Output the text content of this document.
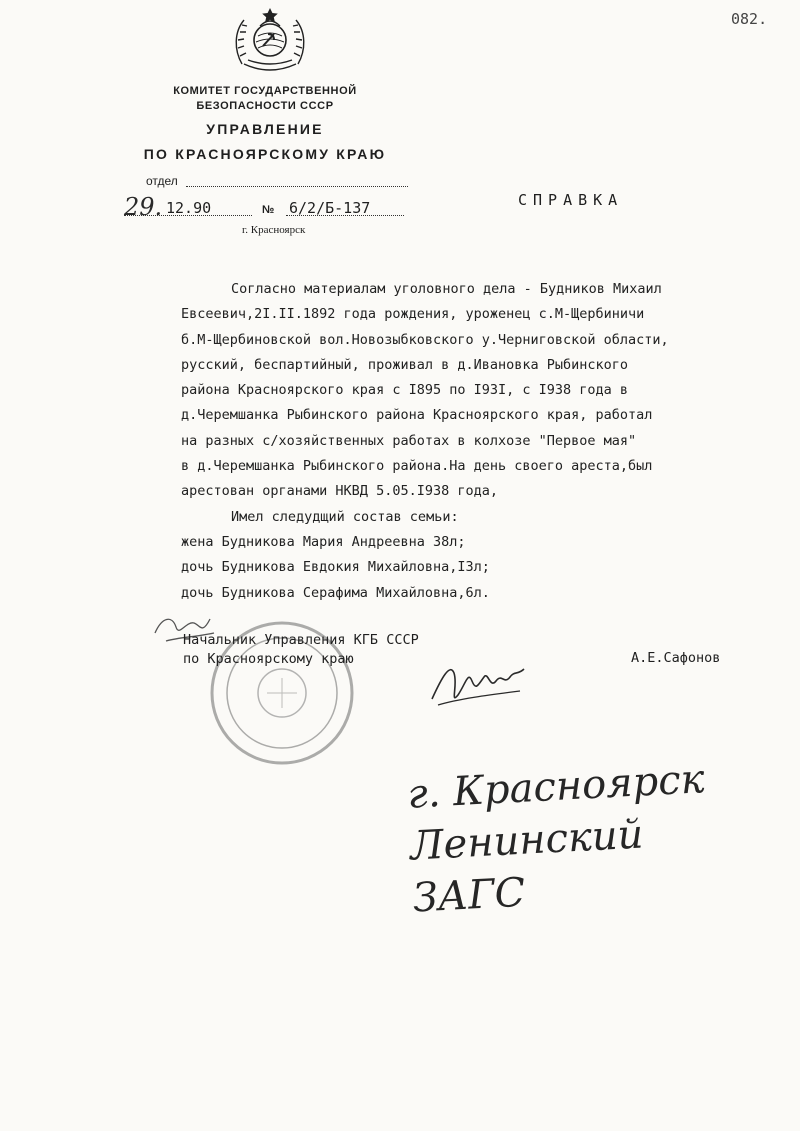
082.
КОМИТЕТ ГОСУДАРСТВЕННОЙ
БЕЗОПАСНОСТИ СССР
УПРАВЛЕНИЕ
ПО КРАСНОЯРСКОМУ КРАЮ
отдел
29. 12.90	№ 6/2/Б-137
г. Красноярск
СПРАВКА

Согласно материалам уголовного дела - Будников Михаил

Евсеевич,2I.II.1892 года рождения, уроженец с.М-Щербиничи

б.М-Щербиновской вол.Новозыбковского у.Черниговской области,

русский, беспартийный, проживал в д.Ивановка Рыбинского

района Красноярского края с I895 по I93I, с I938 года в

д.Черемшанка Рыбинского района Красноярского края, работал

на разных с/хозяйственных работах в колхозе "Первое мая"

в д.Черемшанка Рыбинского района.На день своего ареста,был

арестован органами НКВД 5.05.I938 года,

Имел следудщий состав семьи:

жена Будникова Мария Андреевна 38л;

дочь Будникова Евдокия Михайловна,I3л;

дочь Будникова Серафима Михайловна,6л.

Начальник Управления КГБ СССР
по Красноярскому краю	А.Е.Сафонов
г. Красноярск
Ленинский
ЗАГС
